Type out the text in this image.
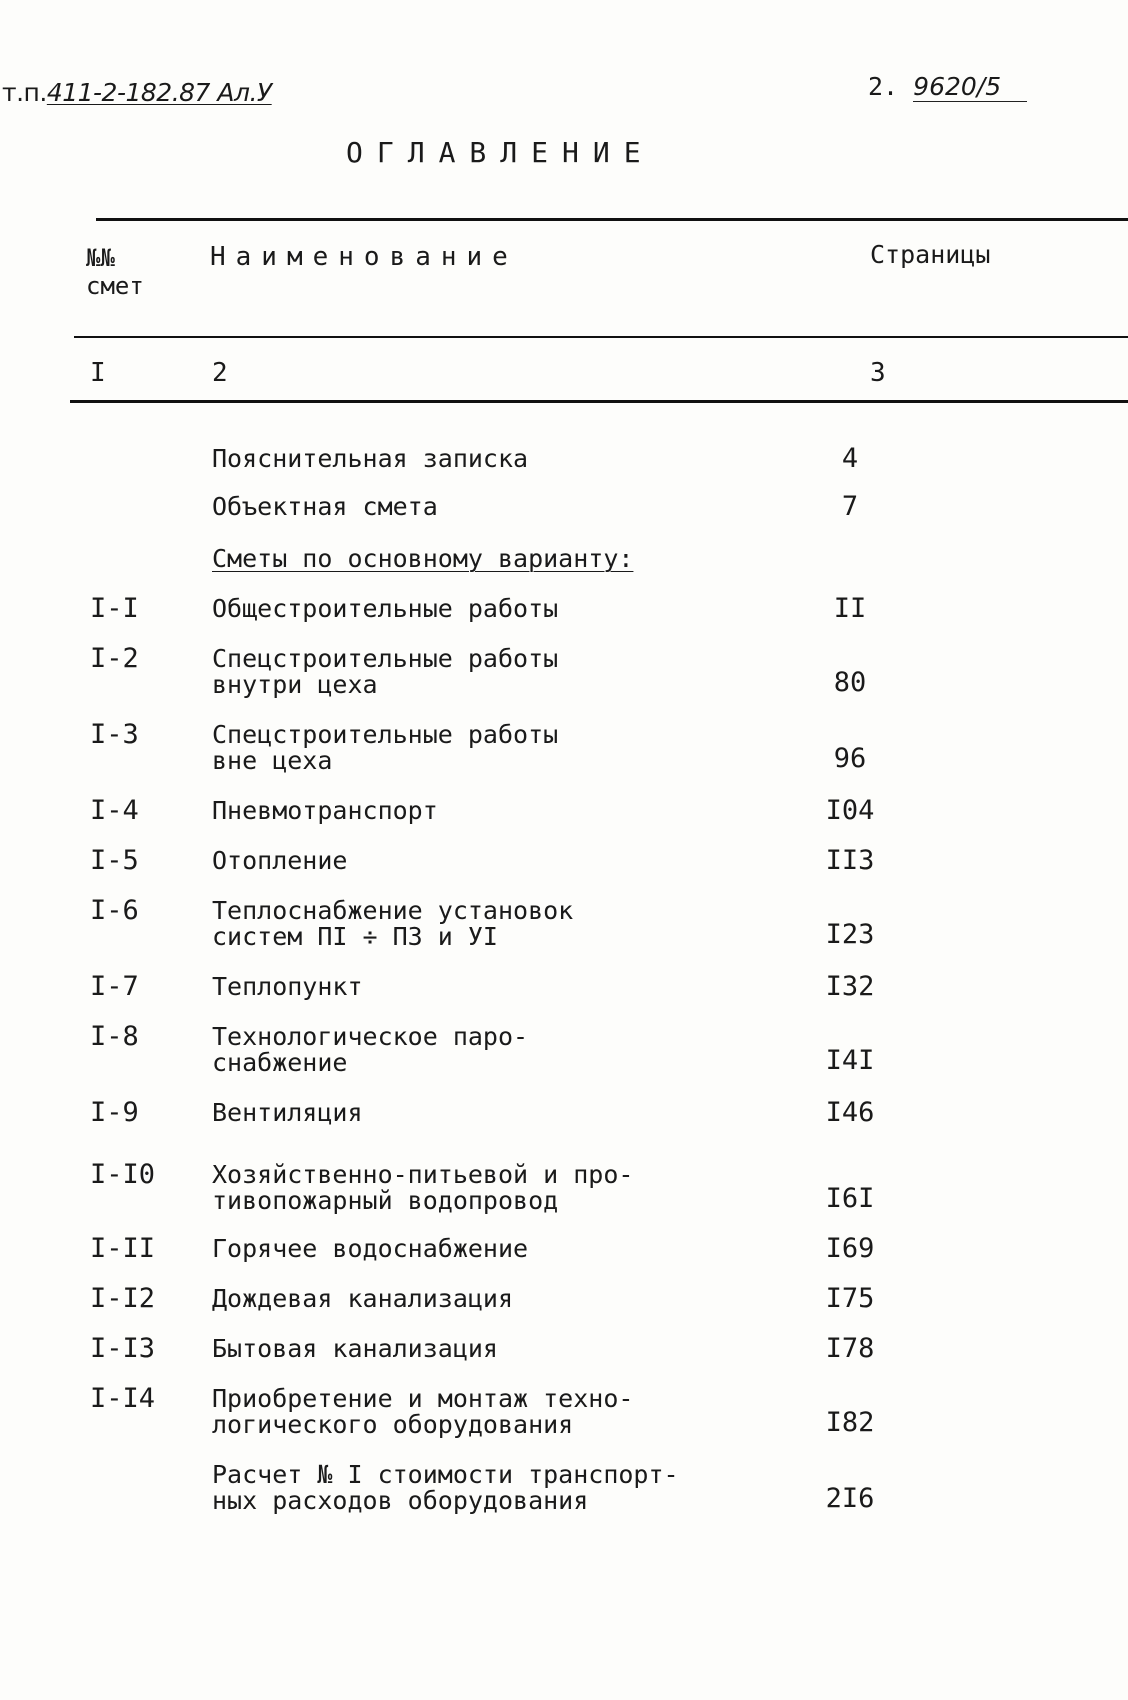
т.п.411-2-182.87 Ал.У	2. 9620/5
ОГЛАВЛЕНИЕ
№№
смет
Наименование	Страницы
I	2	3
Пояснительная записка	4
Объектная смета	7
Сметы по основному варианту:
I-I	Общестроительные работы	II
I-2	Спецстроительные работы
внутри цеха	80
I-3	Спецстроительные работы
вне цеха	96
I-4	Пневмотранспорт	I04
I-5	Отопление	II3
I-6	Теплоснабжение установок
систем ПI ÷ П3 и УI	I23
I-7	Теплопункт	I32
I-8	Технологическое паро-
снабжение	I4I
I-9	Вентиляция	I46
I-I0 Хозяйственно-питьевой и про-
тивопожарный водопровод	I6I
I-II Горячее водоснабжение	I69
I-I2 Дождевая канализация	I75
I-I3 Бытовая канализация	I78
I-I4 Приобретение и монтаж техно-
логического оборудования	I82
Расчет № I стоимости транспорт-
ных расходов оборудования	2I6
